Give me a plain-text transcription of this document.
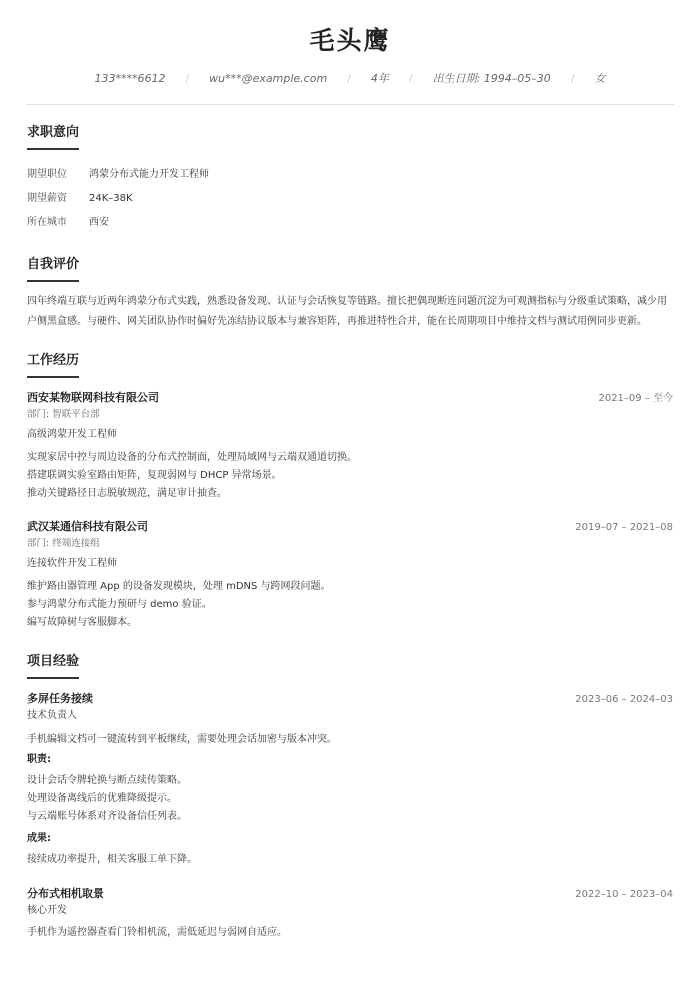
毛头鹰
133****6612 / wu***@example.com / 4年 / 出生日期: 1994–05–30 / 女
求职意向
期望职位	鸿蒙分布式能力开发工程师
期望薪资	24K–38K
所在城市	西安
自我评价

四年终端互联与近两年鸿蒙分布式实践，熟悉设备发现、认证与会话恢复等链路。擅长把偶现断连问题沉淀为可观测指标与分级重试策略，减少用户侧黑盒感。与硬件、网关团队协作时偏好先冻结协议版本与兼容矩阵，再推进特性合并，能在长周期项目中维持文档与测试用例同步更新。

工作经历
西安某物联网科技有限公司	2021–09 – 至今
部门: 智联平台部
高级鸿蒙开发工程师
实现家居中控与周边设备的分布式控制面，处理局域网与云端双通道切换。
搭建联调实验室路由矩阵，复现弱网与 DHCP 异常场景。
推动关键路径日志脱敏规范，满足审计抽查。
武汉某通信科技有限公司	2019–07 – 2021–08
部门: 终端连接组
连接软件开发工程师
维护路由器管理 App 的设备发现模块，处理 mDNS 与跨网段问题。
参与鸿蒙分布式能力预研与 demo 验证。
编写故障树与客服脚本。
项目经验
多屏任务接续	2023–06 – 2024–03
技术负责人
手机编辑文档可一键流转到平板继续，需要处理会话加密与版本冲突。
职责:
设计会话令牌轮换与断点续传策略。
处理设备离线后的优雅降级提示。
与云端账号体系对齐设备信任列表。
成果:
接续成功率提升，相关客服工单下降。
分布式相机取景	2022–10 – 2023–04
核心开发
手机作为遥控器查看门铃相机流，需低延迟与弱网自适应。
